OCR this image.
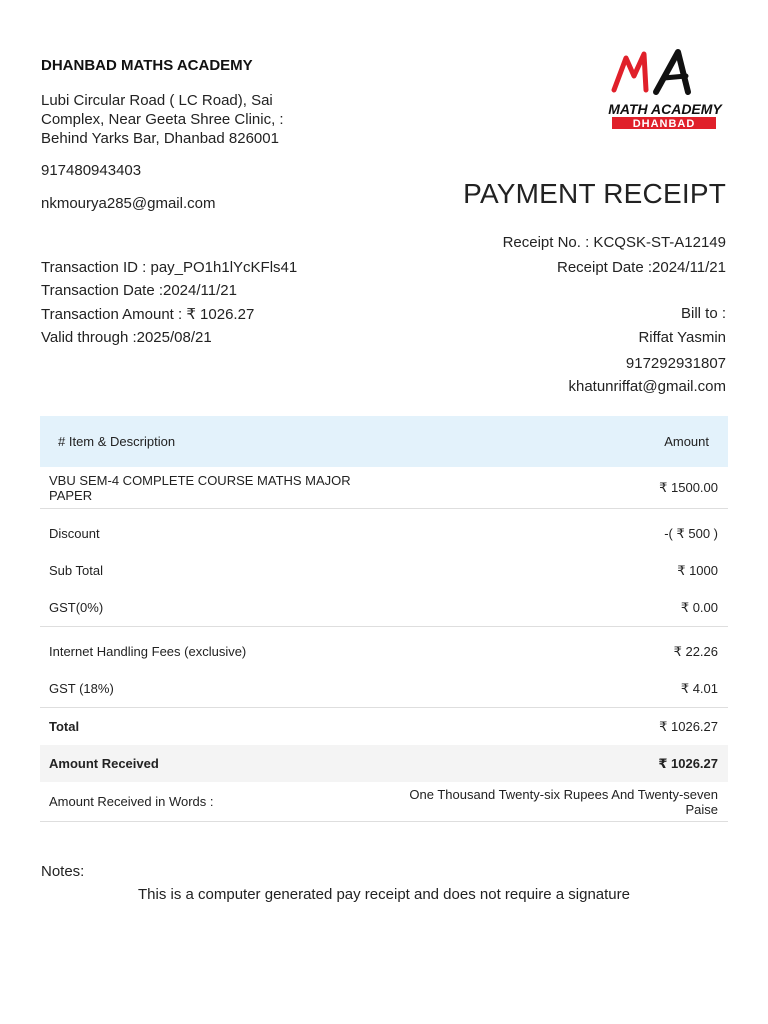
DHANBAD MATHS ACADEMY
Lubi Circular Road ( LC Road), Sai
Complex, Near Geeta Shree Clinic, :
Behind Yarks Bar, Dhanbad 826001
917480943403
nkmourya285@gmail.com
MATH ACADEMY
DHANBAD
PAYMENT RECEIPT
Receipt No. : KCQSK-ST-A12149
Receipt Date :2024/11/21
Transaction ID : pay_PO1h1lYcKFls41
Transaction Date :2024/11/21
Transaction Amount : ₹ 1026.27
Valid through :2025/08/21
Bill to :
Riffat Yasmin
917292931807
khatunriffat@gmail.com
# Item & Description	Amount
VBU SEM-4 COMPLETE COURSE MATHS MAJOR PAPER	₹ 1500.00
Discount	-( ₹ 500 )
Sub Total	₹ 1000
GST(0%)	₹ 0.00
Internet Handling Fees (exclusive)	₹ 22.26
GST (18%)	₹ 4.01
Total	₹ 1026.27
Amount Received	₹ 1026.27
Amount Received in Words :	One Thousand Twenty-six Rupees And Twenty-seven Paise
Notes:
This is a computer generated pay receipt and does not require a signature
